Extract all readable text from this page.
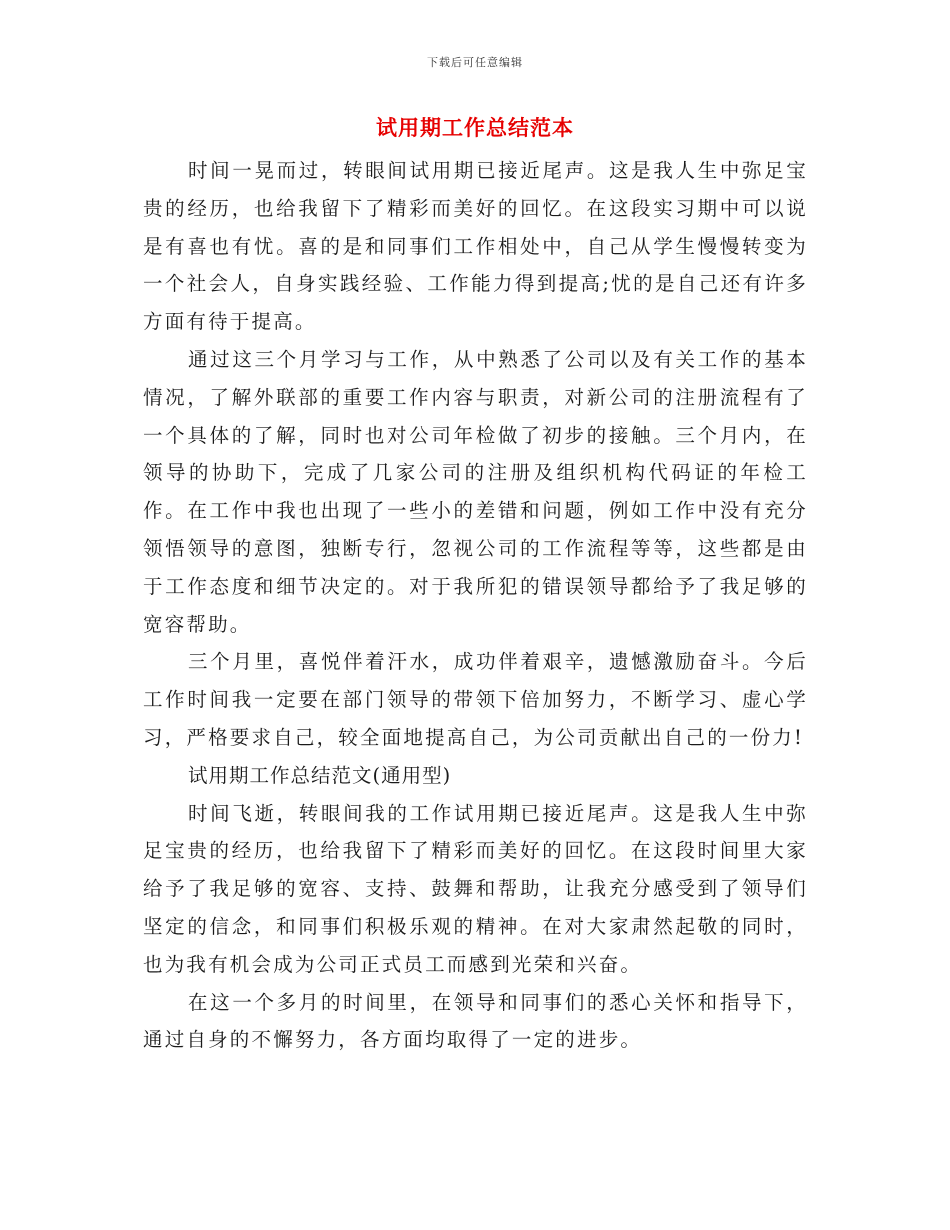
下载后可任意编辑
试用期工作总结范本

时间一晃而过，转眼间试用期已接近尾声。这是我人生中弥足宝贵的经历，也给我留下了精彩而美好的回忆。在这段实习期中可以说是有喜也有忧。喜的是和同事们工作相处中，自己从学生慢慢转变为一个社会人，自身实践经验、工作能力得到提高;忧的是自己还有许多方面有待于提高。

通过这三个月学习与工作，从中熟悉了公司以及有关工作的基本情况，了解外联部的重要工作内容与职责，对新公司的注册流程有了一个具体的了解，同时也对公司年检做了初步的接触。三个月内，在领导的协助下，完成了几家公司的注册及组织机构代码证的年检工作。在工作中我也出现了一些小的差错和问题，例如工作中没有充分领悟领导的意图，独断专行，忽视公司的工作流程等等，这些都是由于工作态度和细节决定的。对于我所犯的错误领导都给予了我足够的宽容帮助。

三个月里，喜悦伴着汗水，成功伴着艰辛，遗憾激励奋斗。今后工作时间我一定要在部门领导的带领下倍加努力，不断学习、虚心学习，严格要求自己，较全面地提高自己，为公司贡献出自己的一份力!

试用期工作总结范文(通用型)

时间飞逝，转眼间我的工作试用期已接近尾声。这是我人生中弥足宝贵的经历，也给我留下了精彩而美好的回忆。在这段时间里大家给予了我足够的宽容、支持、鼓舞和帮助，让我充分感受到了领导们坚定的信念，和同事们积极乐观的精神。在对大家肃然起敬的同时，也为我有机会成为公司正式员工而感到光荣和兴奋。

在这一个多月的时间里，在领导和同事们的悉心关怀和指导下，通过自身的不懈努力，各方面均取得了一定的进步。
